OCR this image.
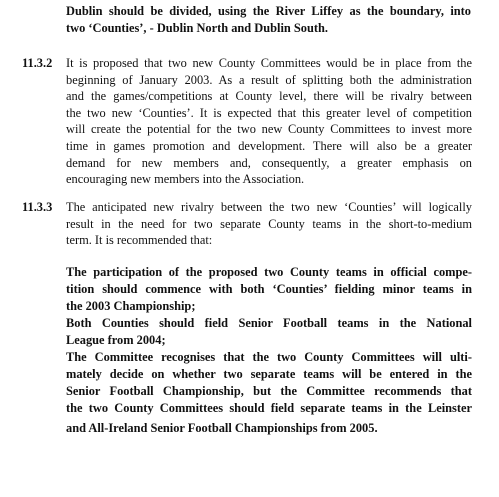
Dublin should be divided, using the River Liffey as the boundary, into
two ‘Counties’, - Dublin North and Dublin South.
11.3.2 It is proposed that two new County Committees would be in place from the
beginning of January 2003. As a result of splitting both the administration
and the games/competitions at County level, there will be rivalry between
the two new ‘Counties’. It is expected that this greater level of competition
will create the potential for the two new County Committees to invest more
time in games promotion and development. There will also be a greater
demand for new members and, consequently, a greater emphasis on
encouraging new members into the Association.
11.3.3 The anticipated new rivalry between the two new ‘Counties’ will logically
result in the need for two separate County teams in the short-to-medium
term. It is recommended that:

The participation of the proposed two County teams in official compe-
tition should commence with both ‘Counties’ fielding minor teams in
the 2003 Championship;

Both Counties should field Senior Football teams in the National
League from 2004;

The Committee recognises that the two County Committees will ulti-
mately decide on whether two separate teams will be entered in the
Senior Football Championship, but the Committee recommends that
the two County Committees should field separate teams in the Leinster
and All-Ireland Senior Football Championships from 2005.
